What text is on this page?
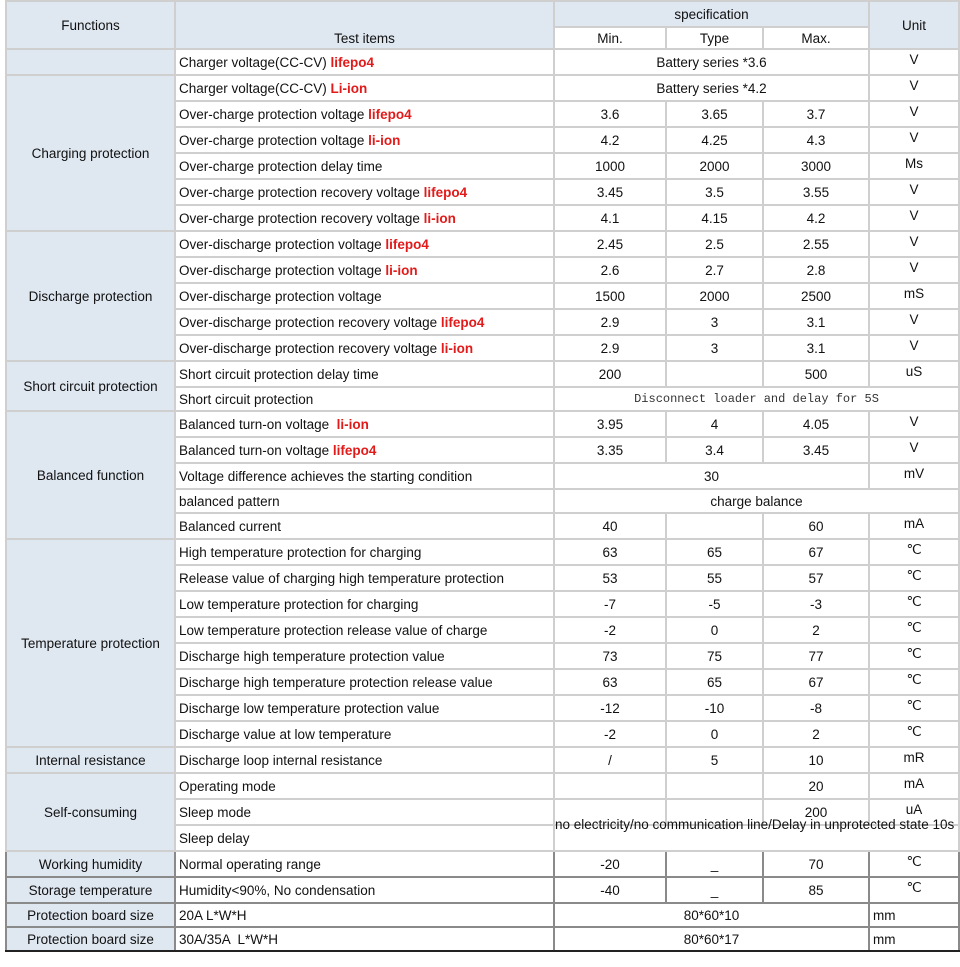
Functions	Test items	specification			Unit
		Min.	Type	Max.	
	Charger voltage(CC-CV) lifepo4	Battery series *3.6			V
Charging protection	Charger voltage(CC-CV) Li-ion	Battery series *4.2			V
	Over-charge protection voltage lifepo4	3.6	3.65	3.7	V
	Over-charge protection voltage li-ion	4.2	4.25	4.3	V
	Over-charge protection delay time	1000	2000	3000	Ms
	Over-charge protection recovery voltage lifepo4	3.45	3.5	3.55	V
	Over-charge protection recovery voltage li-ion	4.1	4.15	4.2	V
Discharge protection	Over-discharge protection voltage lifepo4	2.45	2.5	2.55	V
	Over-discharge protection voltage li-ion	2.6	2.7	2.8	V
	Over-discharge protection voltage	1500	2000	2500	mS
	Over-discharge protection recovery voltage lifepo4	2.9	3	3.1	V
	Over-discharge protection recovery voltage li-ion	2.9	3	3.1	V
Short circuit protection	Short circuit protection delay time	200		500	uS
	Short circuit protection	Disconnect loader and delay for 5S			
Balanced function	Balanced turn-on voltage  li-ion	3.95	4	4.05	V
	Balanced turn-on voltage lifepo4	3.35	3.4	3.45	V
	Voltage difference achieves the starting condition	30			mV
	balanced pattern	charge balance			
	Balanced current	40		60	mA
Temperature protection	High temperature protection for charging	63	65	67	℃
	Release value of charging high temperature protection	53	55	57	℃
	Low temperature protection for charging	-7	-5	-3	℃
	Low temperature protection release value of charge	-2	0	2	℃
	Discharge high temperature protection value	73	75	77	℃
	Discharge high temperature protection release value	63	65	67	℃
	Discharge low temperature protection value	-12	-10	-8	℃
	Discharge value at low temperature	-2	0	2	℃
Internal resistance	Discharge loop internal resistance	/	5	10	mR
Self-consuming	Operating mode			20	mA
	Sleep mode			200	uA
	Sleep delay	no electricity/no communication line/Delay in unprotected state 10s			

Working humidity	Normal operating range	-20	_	70	℃
Storage temperature	Humidity<90%, No condensation	-40	_	85	℃
Protection board size	20A L*W*H	80*60*10			mm
Protection board size	30A/35A  L*W*H	80*60*17			mm
